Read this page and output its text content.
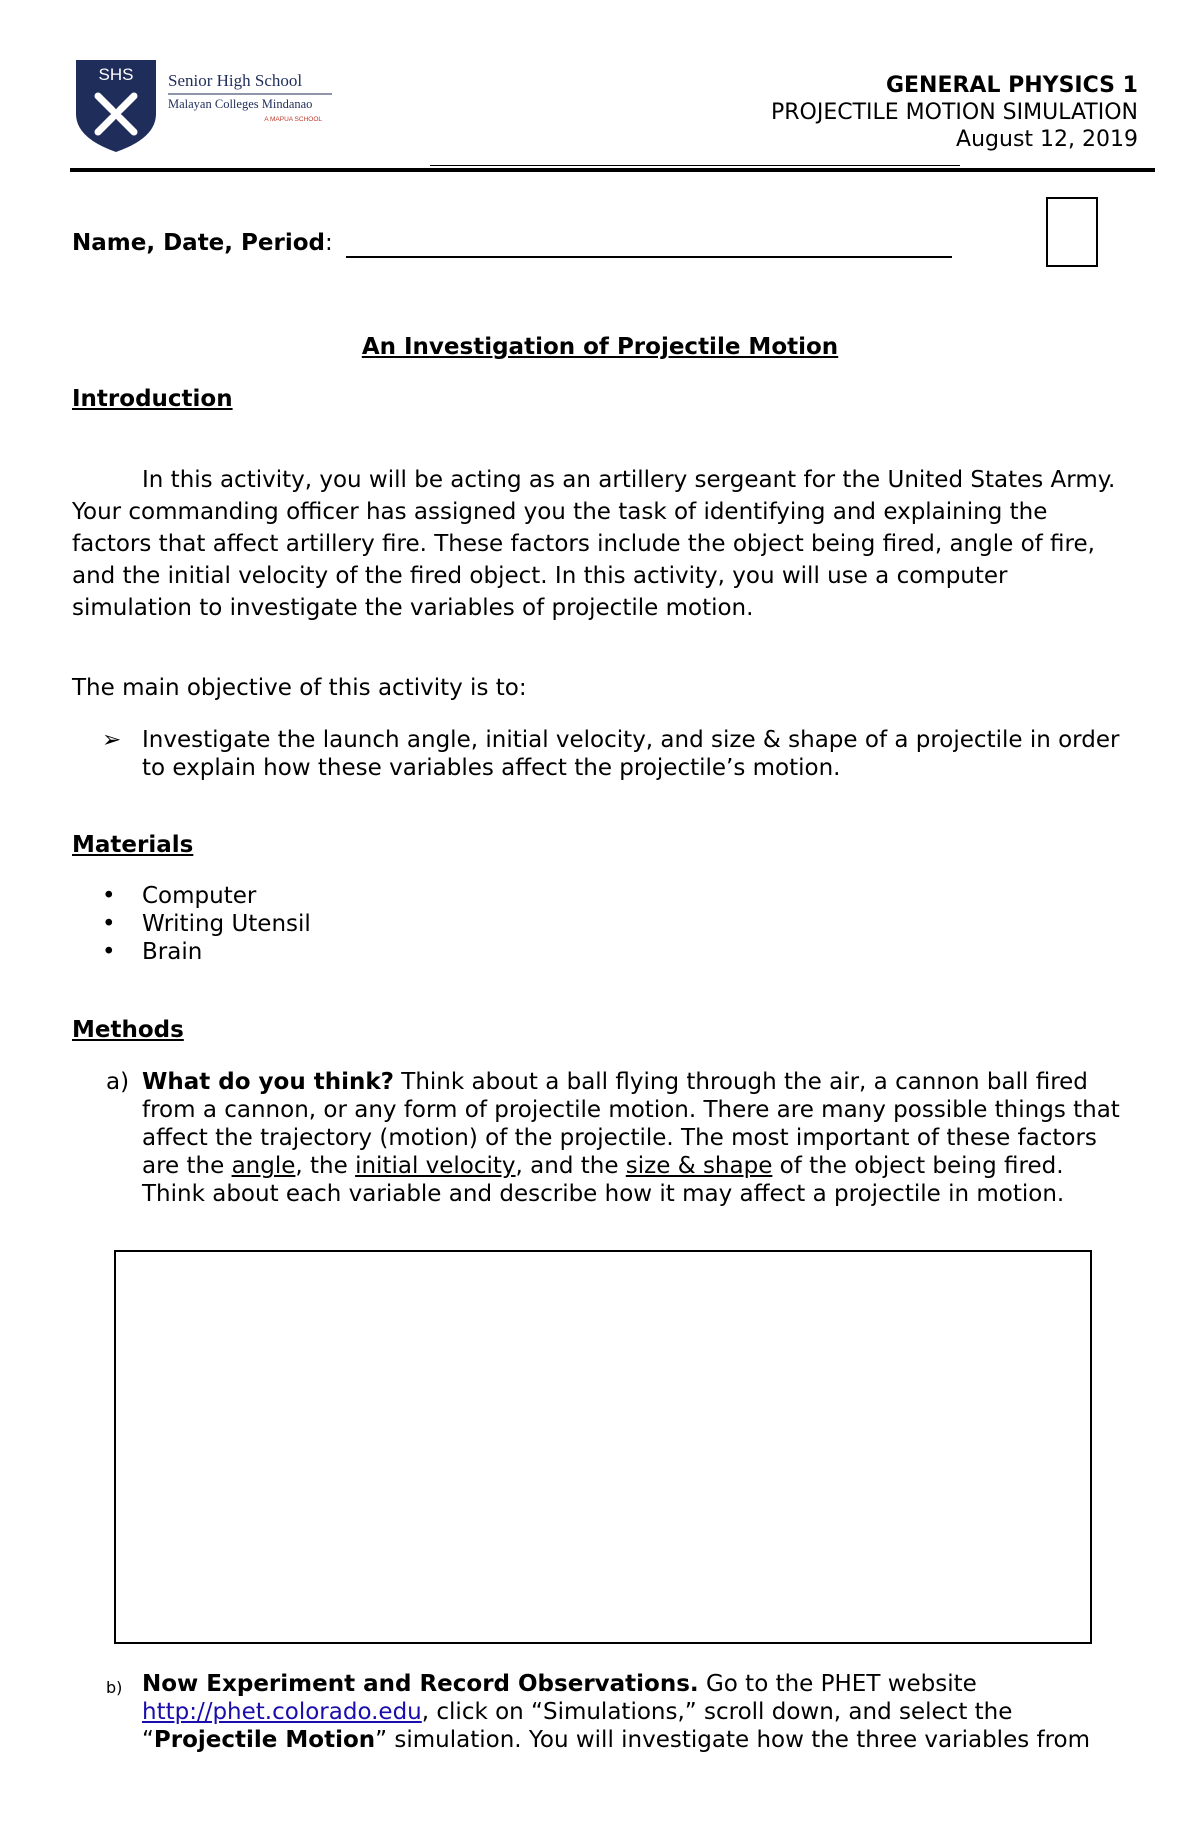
SHS Senior High School
Malayan Colleges Mindanao
A MAPUA SCHOOL
GENERAL PHYSICS 1
PROJECTILE MOTION SIMULATION
August 12, 2019
Name, Date, Period:
An Investigation of Projectile Motion
Introduction
In this activity, you will be acting as an artillery sergeant for the United States Army. Your commanding officer has assigned you the task of identifying and explaining the factors that affect artillery fire. These factors include the object being fired, angle of fire, and the initial velocity of the fired object. In this activity, you will use a computer simulation to investigate the variables of projectile motion.
The main objective of this activity is to:
➢ Investigate the launch angle, initial velocity, and size & shape of a projectile in order to explain how these variables affect the projectile’s motion.
Materials
• Computer
• Writing Utensil
• Brain
Methods
a) What do you think? Think about a ball flying through the air, a cannon ball fired from a cannon, or any form of projectile motion. There are many possible things that affect the trajectory (motion) of the projectile. The most important of these factors are the angle, the initial velocity, and the size & shape of the object being fired. Think about each variable and describe how it may affect a projectile in motion.
b) Now Experiment and Record Observations. Go to the PHET website http://phet.colorado.edu, click on “Simulations,” scroll down, and select the “Projectile Motion” simulation. You will investigate how the three variables from
